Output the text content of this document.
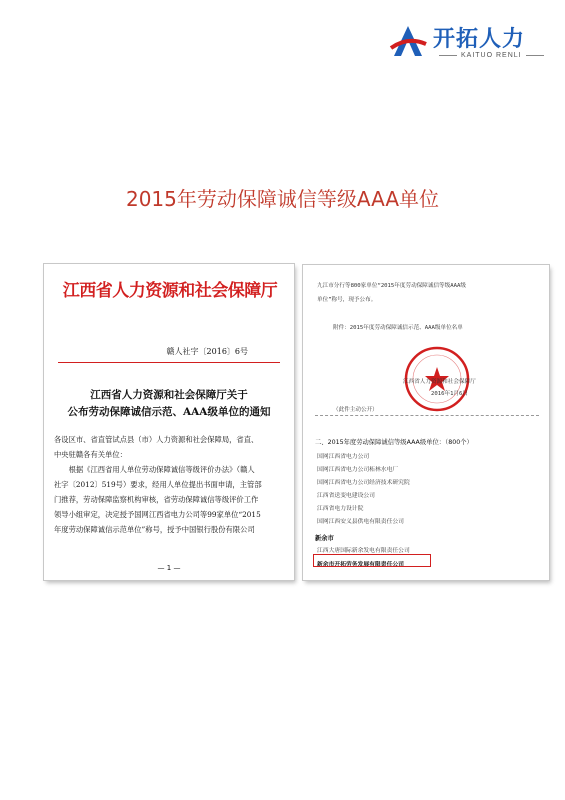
开拓人力
KAITUO RENLI
2015年劳动保障诚信等级AAA单位
江西省人力资源和社会保障厅
赣人社字〔2016〕6号
江西省人力资源和社会保障厅关于
公布劳动保障诚信示范、AAA级单位的通知
各设区市、省直管试点县（市）人力资源和社会保障局，省直、
中央驻赣各有关单位：
　　根据《江西省用人单位劳动保障诚信等级评价办法》（赣人
社字〔2012〕519号）要求，经用人单位提出书面申请，主管部
门推荐，劳动保障监察机构审核，省劳动保障诚信等级评价工作
领导小组审定，决定授予国网江西省电力公司等99家单位“2015
年度劳动保障诚信示范单位”称号，授予中国银行股份有限公司
— 1 —
九江市分行等800家单位“2015年度劳动保障诚信等级AAA级
单位”称号，现予公布。
附件：2015年度劳动保障诚信示范、AAA级单位名单
江西省人力资源和社会保障厅
2016年1月6日
（此件主动公开）
二、2015年度劳动保障诚信等级AAA级单位：（800个）
国网江西省电力公司
国网江西省电力公司柘林水电厂
国网江西省电力公司经济技术研究院
江西省送变电建设公司
江西省电力设计院
国网江西安义县供电有限责任公司
新余市
江西大唐国际新余发电有限责任公司
新余市开拓劳务发展有限责任公司
